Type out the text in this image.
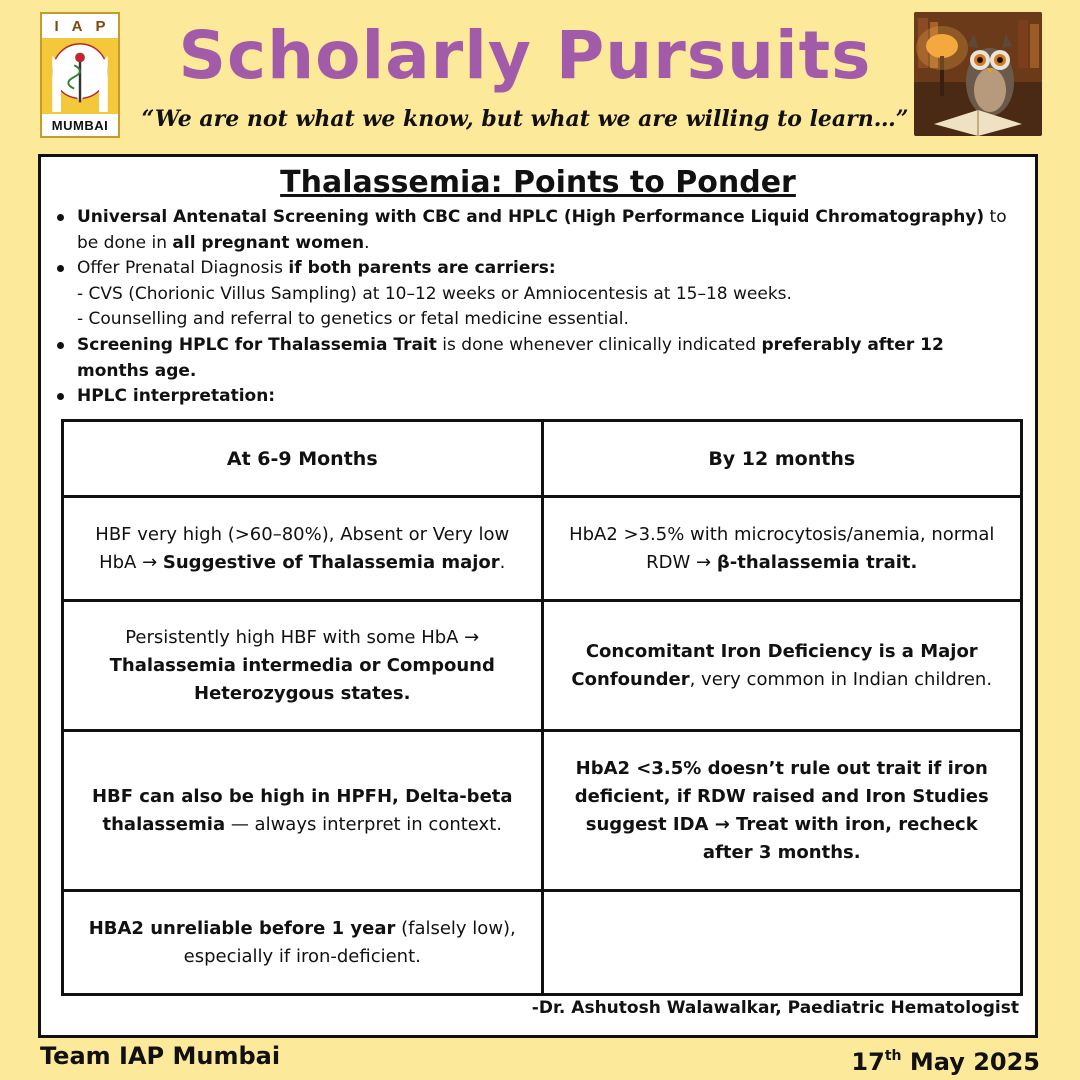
I A P
MUMBAI
Scholarly Pursuits
“We are not what we know, but what we are willing to learn…”
Thalassemia: Points to Ponder
Universal Antenatal Screening with CBC and HPLC (High Performance Liquid Chromatography) to be done in all pregnant women.
Offer Prenatal Diagnosis if both parents are carriers:
- CVS (Chorionic Villus Sampling) at 10–12 weeks or Amniocentesis at 15–18 weeks.
- Counselling and referral to genetics or fetal medicine essential.
Screening HPLC for Thalassemia Trait is done whenever clinically indicated preferably after 12 months age.
HPLC interpretation:
At 6-9 Months	By 12 months
HBF very high (>60–80%), Absent or Very low HbA → Suggestive of Thalassemia major.	HbA2 >3.5% with microcytosis/anemia, normal RDW → β-thalassemia trait.
Persistently high HBF with some HbA → Thalassemia intermedia or Compound Heterozygous states.	Concomitant Iron Deficiency is a Major Confounder, very common in Indian children.
HBF can also be high in HPFH, Delta-beta thalassemia — always interpret in context.	HbA2 <3.5% doesn’t rule out trait if iron deficient, if RDW raised and Iron Studies suggest IDA → Treat with iron, recheck after 3 months.
HBA2 unreliable before 1 year (falsely low), especially if iron-deficient.	
-Dr. Ashutosh Walawalkar, Paediatric Hematologist
Team IAP Mumbai	17th May 2025
